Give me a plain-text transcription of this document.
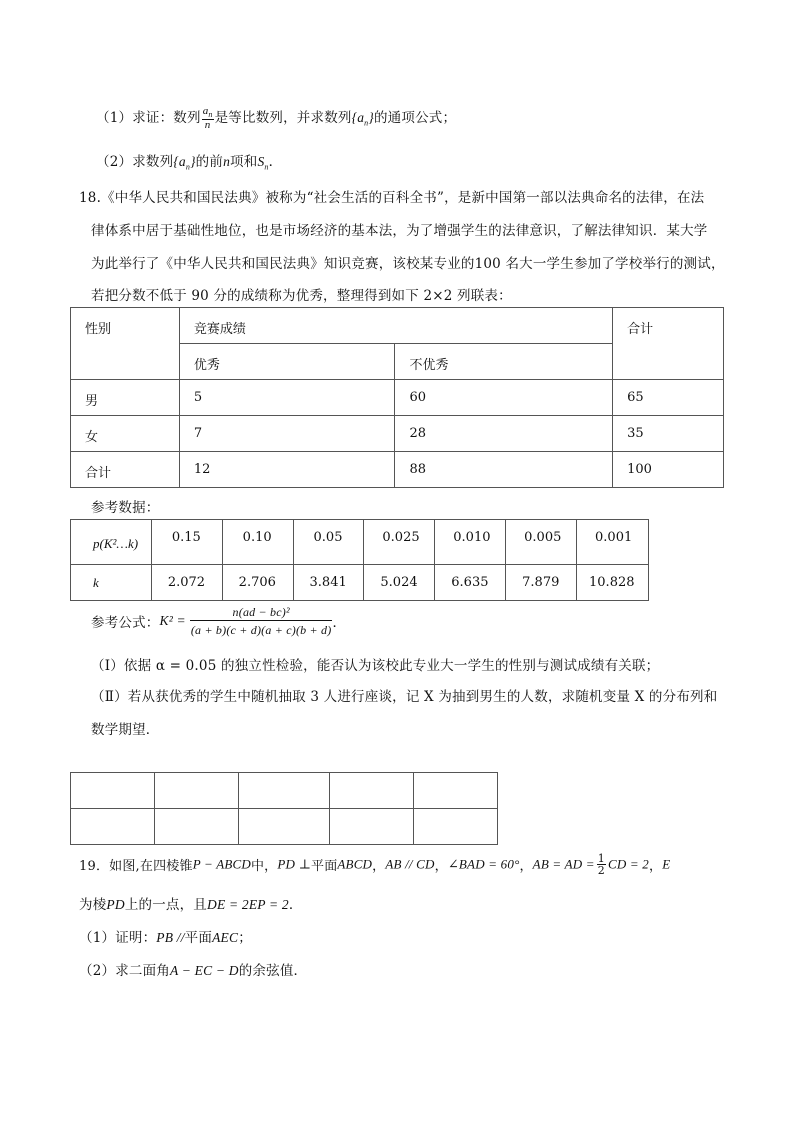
（1）求证：数列 $\frac{a_n}{n}$ 是等比数列，并求数列$\{a_n\}$的通项公式；
（2）求数列$\{a_n\}$的前n项和$S_n$．
18.《中华人民共和国民法典》被称为“社会生活的百科全书”，是新中国第一部以法典命名的法律，在法
律体系中居于基础性地位，也是市场经济的基本法，为了增强学生的法律意识，了解法律知识．某大学
为此举行了《中华人民共和国民法典》知识竞赛，该校某专业的100 名大一学生参加了学校举行的测试，
若把分数不低于 90 分的成绩称为优秀，整理得到如下 2×2 列联表：
性别	竞赛成绩		合计

	优秀	不优秀	

男	5	60	65

女	7	28	35

合计	12	88	100
参考数据：
p(K²…k)	0.15	0.10	0.05	0.025	0.010	0.005	0.001

k	2.072	2.706	3.841	5.024	6.635	7.879	10.828
参考公式：$K^2 = \frac{\text{n(ad − bc)²}}{(a + b)(c + d)(a + c)(b + d)}$ ．
（Ⅰ）依据 α = 0.05 的独立性检验，能否认为该校此专业大一学生的性别与测试成绩有关联；
（Ⅱ）若从获优秀的学生中随机抽取 3 人进行座谈，记 X 为抽到男生的人数，求随机变量 X 的分布列和
数学期望．

19．如图,在四棱锥P − ABCD中，PD ⊥平面ABCD，AB // CD，∠BAD = 60°，AB = AD = $\frac{1}{2}$ CD = 2，E
为棱PD上的一点，且DE = 2EP = 2．
（1）证明：PB //平面AEC；
（2）求二面角A − EC − D的余弦值．
